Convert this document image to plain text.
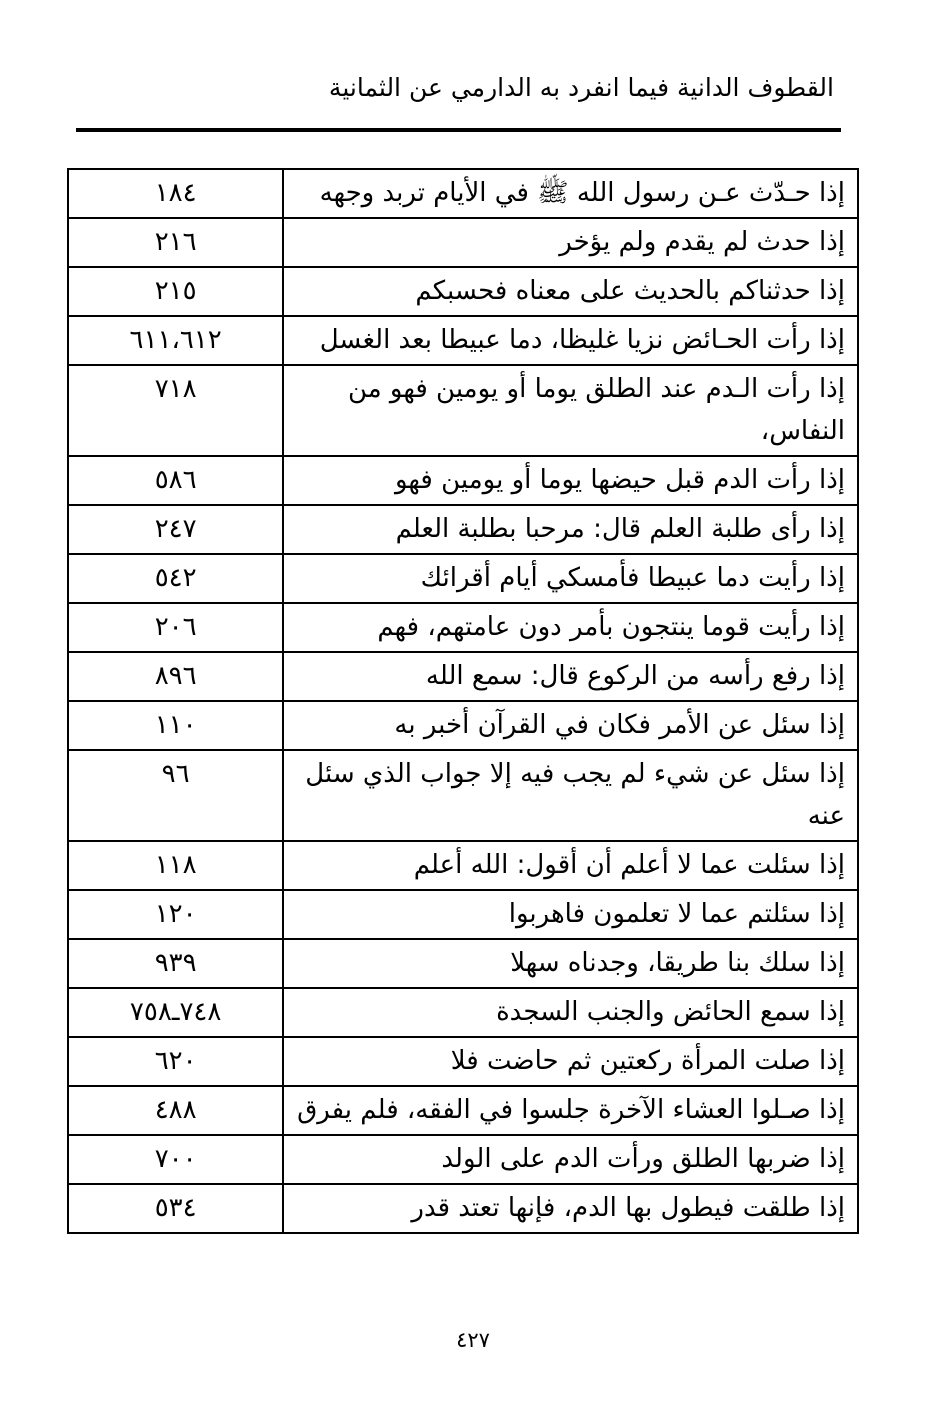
القطوف الدانية فيما انفرد به الدارمي عن الثمانية
إذا حـدّث عـن رسول الله ﷺ في الأيام تربد وجهه	١٨٤
إذا حدث لم يقدم ولم يؤخر	٢١٦
إذا حدثناكم بالحديث على معناه فحسبكم	٢١٥
إذا رأت الحـائض نزيا غليظا، دما عبيطا بعد الغسل	٦١١،٦١٢
إذا رأت الـدم عند الطلق يوما أو يومين فهو من النفاس،	٧١٨
إذا رأت الدم قبل حيضها يوما أو يومين فهو	٥٨٦
إذا رأى طلبة العلم قال: مرحبا بطلبة العلم	٢٤٧
إذا رأيت دما عبيطا فأمسكي أيام أقرائك	٥٤٢
إذا رأيت قوما ينتجون بأمر دون عامتهم، فهم	٢٠٦
إذا رفع رأسه من الركوع قال: سمع الله	٨٩٦
إذا سئل عن الأمر فكان في القرآن أخبر به	١١٠
إذا سئل عن شيء لم يجب فيه إلا جواب الذي سئل عنه	٩٦
إذا سئلت عما لا أعلم أن أقول: الله أعلم	١١٨
إذا سئلتم عما لا تعلمون فاهربوا	١٢٠
إذا سلك بنا طريقا، وجدناه سهلا	٩٣٩
إذا سمع الحائض والجنب السجدة	٧٤٨ـ٧٥٨
إذا صلت المرأة ركعتين ثم حاضت فلا	٦٢٠
إذا صـلوا العشاء الآخرة جلسوا في الفقه، فلم يفرق	٤٨٨
إذا ضربها الطلق ورأت الدم على الولد	٧٠٠
إذا طلقت فيطول بها الدم، فإنها تعتد قدر	٥٣٤
٤٢٧
